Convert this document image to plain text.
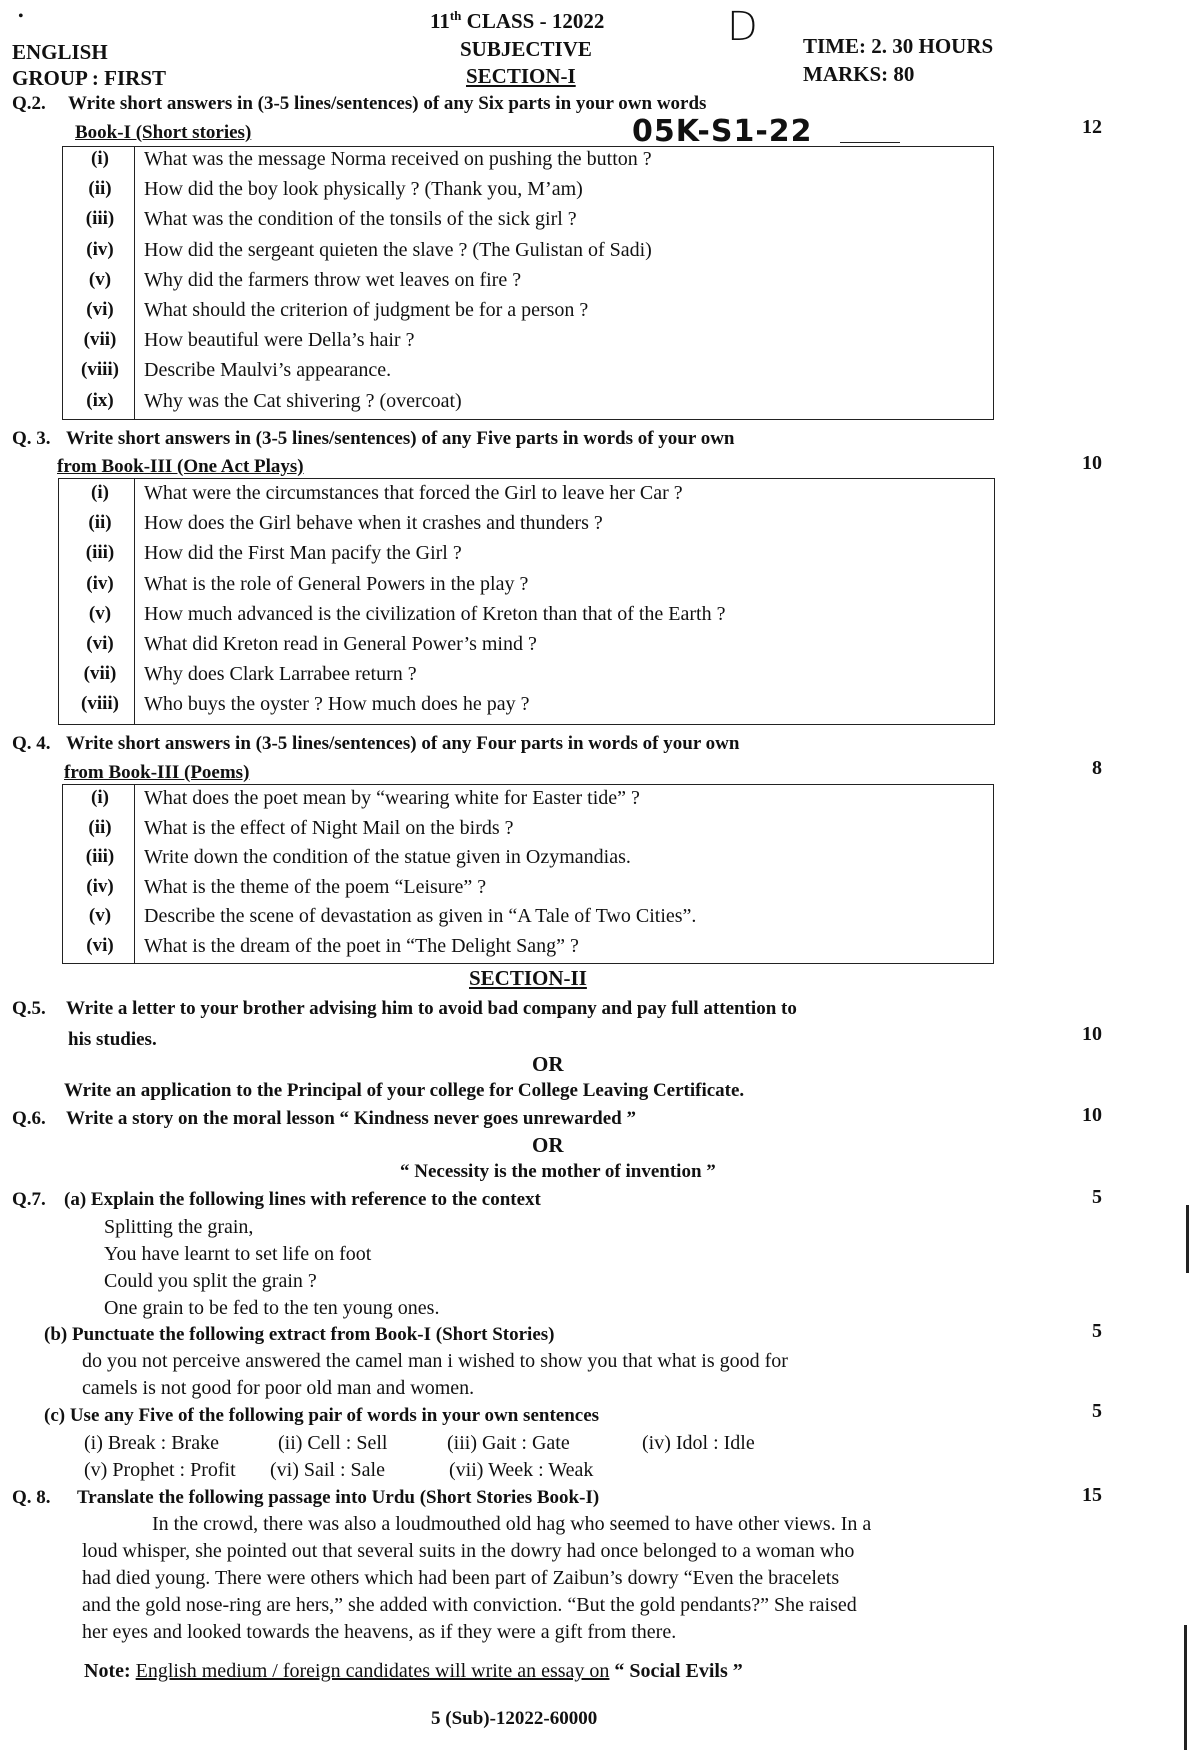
•	11th CLASS - 12022	D
ENGLISH	SUBJECTIVE	TIME: 2. 30 HOURS
GROUP : FIRST	SECTION-I	MARKS: 80
Q.2. Write short answers in (3-5 lines/sentences) of any Six parts in your own words
Book-I (Short stories)	05K-S1-22	12
(i)	What was the message Norma received on pushing the button ?
(ii)	How did the boy look physically ? (Thank you, M’am)
(iii)	What was the condition of the tonsils of the sick girl ?
(iv)	How did the sergeant quieten the slave ? (The Gulistan of Sadi)
(v)	Why did the farmers throw wet leaves on fire ?
(vi)	What should the criterion of judgment be for a person ?
(vii)	How beautiful were Della’s hair ?
(viii)	Describe Maulvi’s appearance.
(ix)	Why was the Cat shivering ? (overcoat)
Q. 3. Write short answers in (3-5 lines/sentences) of any Five parts in words of your own
from Book-III (One Act Plays)	10
(i)	What were the circumstances that forced the Girl to leave her Car ?
(ii)	How does the Girl behave when it crashes and thunders ?
(iii)	How did the First Man pacify the Girl ?
(iv)	What is the role of General Powers in the play ?
(v)	How much advanced is the civilization of Kreton than that of the Earth ?
(vi)	What did Kreton read in General Power’s mind ?
(vii)	Why does Clark Larrabee return ?
(viii)	Who buys the oyster ? How much does he pay ?
Q. 4. Write short answers in (3-5 lines/sentences) of any Four parts in words of your own
from Book-III (Poems)	8
(i)	What does the poet mean by “wearing white for Easter tide” ?
(ii)	What is the effect of Night Mail on the birds ?
(iii)	Write down the condition of the statue given in Ozymandias.
(iv)	What is the theme of the poem “Leisure” ?
(v)	Describe the scene of devastation as given in “A Tale of Two Cities”.
(vi)	What is the dream of the poet in “The Delight Sang” ?
SECTION-II
Q.5. Write a letter to your brother advising him to avoid bad company and pay full attention to
his studies.	10
OR
Write an application to the Principal of your college for College Leaving Certificate.
Q.6. Write a story on the moral lesson “ Kindness never goes unrewarded ”	10
OR
“ Necessity is the mother of invention ”
Q.7. (a) Explain the following lines with reference to the context	5
Splitting the grain,
You have learnt to set life on foot
Could you split the grain ?
One grain to be fed to the ten young ones.
(b) Punctuate the following extract from Book-I (Short Stories)	5
do you not perceive answered the camel man i wished to show you that what is good for
camels is not good for poor old man and women.
(c) Use any Five of the following pair of words in your own sentences	5
(i) Break : Brake	(ii) Cell : Sell	(iii) Gait : Gate	(iv) Idol : Idle
(v) Prophet : Profit (vi) Sail : Sale	(vii) Week : Weak
Q. 8. Translate the following passage into Urdu (Short Stories Book-I)	15
In the crowd, there was also a loudmouthed old hag who seemed to have other views. In a
loud whisper, she pointed out that several suits in the dowry had once belonged to a woman who
had died young. There were others which had been part of Zaibun’s dowry “Even the bracelets
and the gold nose-ring are hers,” she added with conviction. “But the gold pendants?” She raised
her eyes and looked towards the heavens, as if they were a gift from there.
Note: English medium / foreign candidates will write an essay on “ Social Evils ”
5 (Sub)-12022-60000
